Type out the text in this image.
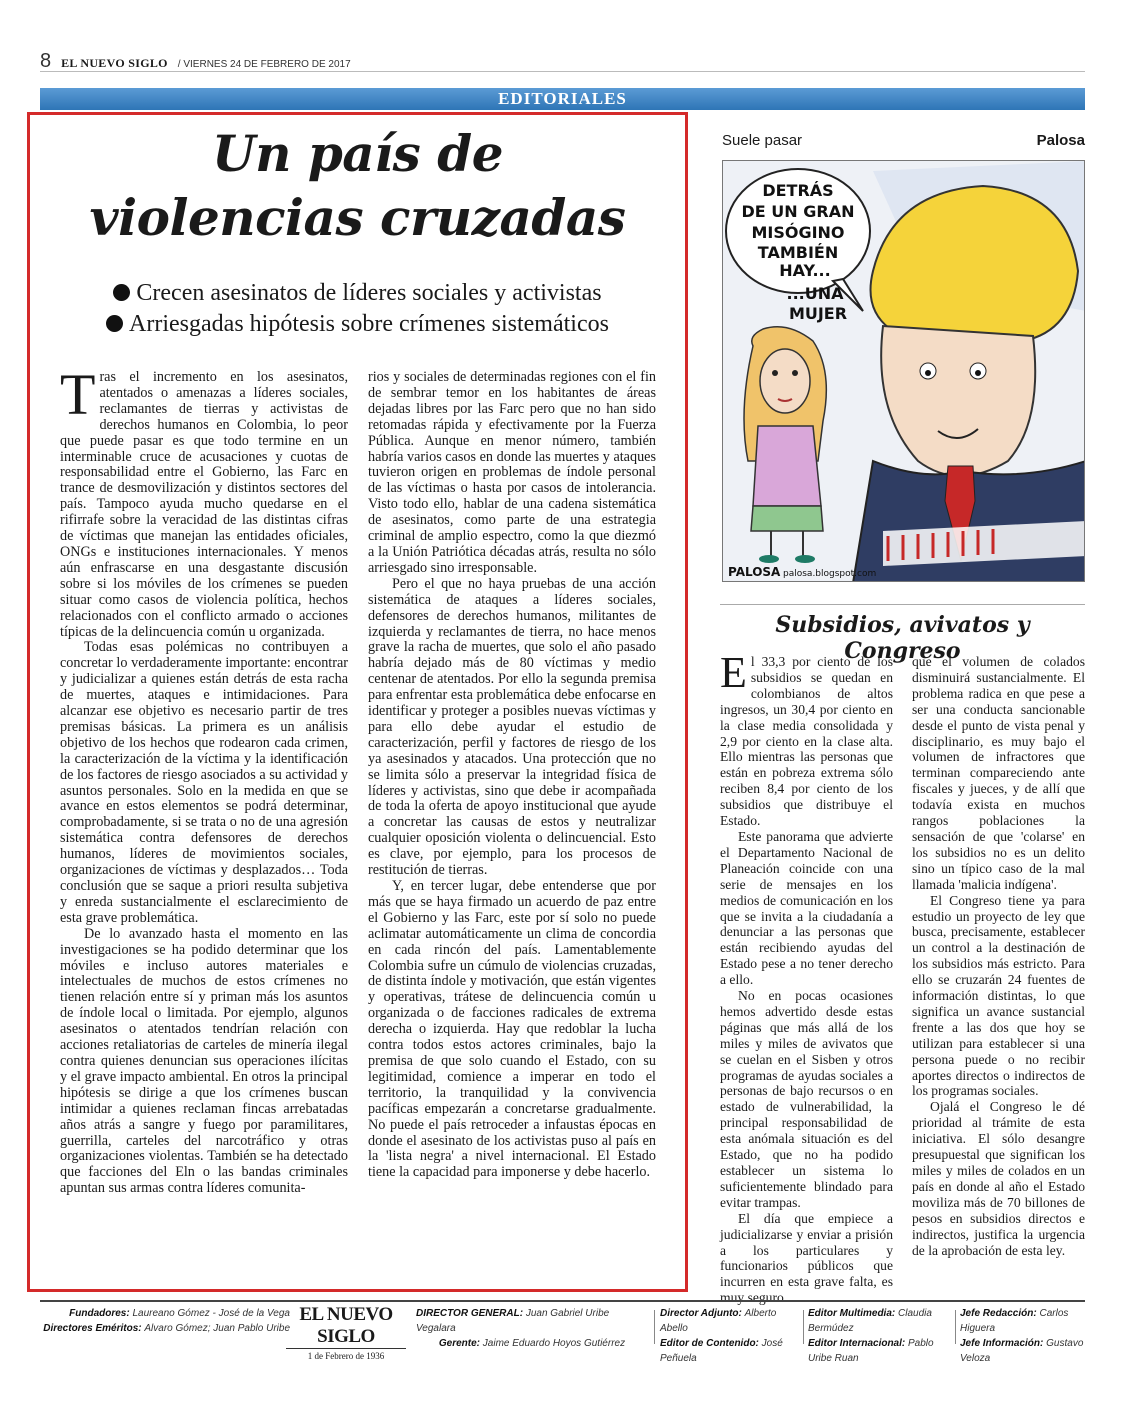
8 EL NUEVO SIGLO / VIERNES 24 DE FEBRERO DE 2017
EDITORIALES
Un país de
violencias cruzadas
Crecen asesinatos de líderes sociales y activistas
Arriesgadas hipótesis sobre crímenes sistemáticos

Tras el incremento en los asesinatos, atentados o amenazas a líderes sociales, reclamantes de tierras y activistas de derechos humanos en Colombia, lo peor que puede pasar es que todo termine en un interminable cruce de acusaciones y cuotas de responsabilidad entre el Gobierno, las Farc en trance de desmovilización y distintos sectores del país. Tampoco ayuda mucho quedarse en el rifirrafe sobre la veracidad de las distintas cifras de víctimas que manejan las entidades oficiales, ONGs e instituciones internacionales. Y menos aún enfrascarse en una desgastante discusión sobre si los móviles de los crímenes se pueden situar como casos de violencia política, hechos relacionados con el conflicto armado o acciones típicas de la delincuencia común u organizada.

Todas esas polémicas no contribuyen a concretar lo verdaderamente importante: encontrar y judicializar a quienes están detrás de esta racha de muertes, ataques e intimidaciones. Para alcanzar ese objetivo es necesario partir de tres premisas básicas. La primera es un análisis objetivo de los hechos que rodearon cada crimen, la caracterización de la víctima y la identificación de los factores de riesgo asociados a su actividad y asuntos personales. Solo en la medida en que se avance en estos elementos se podrá determinar, comprobadamente, si se trata o no de una agresión sistemática contra defensores de derechos humanos, líderes de movimientos sociales, organizaciones de víctimas y desplazados… Toda conclusión que se saque a priori resulta subjetiva y enreda sustancialmente el esclarecimiento de esta grave problemática.

De lo avanzado hasta el momento en las investigaciones se ha podido determinar que los móviles e incluso autores materiales e intelectuales de muchos de estos crímenes no tienen relación entre sí y priman más los asuntos de índole local o limitada. Por ejemplo, algunos asesinatos o atentados tendrían relación con acciones retaliatorias de carteles de minería ilegal contra quienes denuncian sus operaciones ilícitas y el grave impacto ambiental. En otros la principal hipótesis se dirige a que los crímenes buscan intimidar a quienes reclaman fincas arrebatadas años atrás a sangre y fuego por paramilitares, guerrilla, carteles del narcotráfico y otras organizaciones violentas. También se ha detectado que facciones del Eln o las bandas criminales apuntan sus armas contra líderes comunita-

rios y sociales de determinadas regiones con el fin de sembrar temor en los habitantes de áreas dejadas libres por las Farc pero que no han sido retomadas rápida y efectivamente por la Fuerza Pública. Aunque en menor número, también habría varios casos en donde las muertes y ataques tuvieron origen en problemas de índole personal de las víctimas o hasta por casos de intolerancia. Visto todo ello, hablar de una cadena sistemática de asesinatos, como parte de una estrategia criminal de amplio espectro, como la que diezmó a la Unión Patriótica décadas atrás, resulta no sólo arriesgado sino irresponsable.

Pero el que no haya pruebas de una acción sistemática de ataques a líderes sociales, defensores de derechos humanos, militantes de izquierda y reclamantes de tierra, no hace menos grave la racha de muertes, que solo el año pasado habría dejado más de 80 víctimas y medio centenar de atentados. Por ello la segunda premisa para enfrentar esta problemática debe enfocarse en identificar y proteger a posibles nuevas víctimas y para ello debe ayudar el estudio de caracterización, perfil y factores de riesgo de los ya asesinados y atacados. Una protección que no se limita sólo a preservar la integridad física de líderes y activistas, sino que debe ir acompañada de toda la oferta de apoyo institucional que ayude a concretar las causas de estos y neutralizar cualquier oposición violenta o delincuencial. Esto es clave, por ejemplo, para los procesos de restitución de tierras.

Y, en tercer lugar, debe entenderse que por más que se haya firmado un acuerdo de paz entre el Gobierno y las Farc, este por sí solo no puede aclimatar automáticamente un clima de concordia en cada rincón del país. Lamentablemente Colombia sufre un cúmulo de violencias cruzadas, de distinta índole y motivación, que están vigentes y operativas, trátese de delincuencia común u organizada o de facciones radicales de extrema derecha o izquierda. Hay que redoblar la lucha contra todos estos actores criminales, bajo la premisa de que solo cuando el Estado, con su legitimidad, comience a imperar en todo el territorio, la tranquilidad y la convivencia pacíficas empezarán a concretarse gradualmente. No puede el país retroceder a infaustas épocas en donde el asesinato de los activistas puso al país en la 'lista negra' a nivel internacional. El Estado tiene la capacidad para imponerse y debe hacerlo.

Suele pasar	Palosa
DETRÁS
DE UN GRAN
MISÓGINO
TAMBIÉN
HAY...
...UNA
MUJER
PALOSA palosa.blogspot.com
Subsidios, avivatos y Congreso

El 33,3 por ciento de los subsidios se quedan en colombianos de altos ingresos, un 30,4 por ciento en la clase media consolidada y 2,9 por ciento en la clase alta. Ello mientras las personas que están en pobreza extrema sólo reciben 8,4 por ciento de los subsidios que distribuye el Estado.

Este panorama que advierte el Departamento Nacional de Planeación coincide con una serie de mensajes en los medios de comunicación en los que se invita a la ciudadanía a denunciar a las personas que están recibiendo ayudas del Estado pese a no tener derecho a ello.

No en pocas ocasiones hemos advertido desde estas páginas que más allá de los miles y miles de avivatos que se cuelan en el Sisben y otros programas de ayudas sociales a personas de bajo recursos o en estado de vulnerabilidad, la principal responsabilidad de esta anómala situación es del Estado, que no ha podido establecer un sistema lo suficientemente blindado para evitar trampas.

El día que empiece a judicializarse y enviar a prisión a los particulares y funcionarios públicos que incurren en esta grave falta, es muy seguro

que el volumen de colados disminuirá sustancialmente. El problema radica en que pese a ser una conducta sancionable desde el punto de vista penal y disciplinario, es muy bajo el volumen de infractores que terminan compareciendo ante fiscales y jueces, y de allí que todavía exista en muchos rangos poblaciones la sensación de que 'colarse' en los subsidios no es un delito sino un típico caso de la mal llamada 'malicia indígena'.

El Congreso tiene ya para estudio un proyecto de ley que busca, precisamente, establecer un control a la destinación de los subsidios más estricto. Para ello se cruzarán 24 fuentes de información distintas, lo que significa un avance sustancial frente a las dos que hoy se utilizan para establecer si una persona puede o no recibir aportes directos o indirectos de los programas sociales.

Ojalá el Congreso le dé prioridad al trámite de esta iniciativa. El sólo desangre presupuestal que significan los miles y miles de colados en un país en donde al año el Estado moviliza más de 70 billones de pesos en subsidios directos e indirectos, justifica la urgencia de la aprobación de esta ley.

Fundadores: Laureano Gómez - José de la Vega
Directores Eméritos: Alvaro Gómez; Juan Pablo Uribe
EL NUEVO SIGLO
1 de Febrero de 1936
DIRECTOR GENERAL: Juan Gabriel Uribe Vegalara
Gerente: Jaime Eduardo Hoyos Gutiérrez
Director Adjunto: Alberto Abello
Editor de Contenido: José Peñuela
Editor Multimedia: Claudia Bermúdez
Editor Internacional: Pablo Uribe Ruan
Jefe Redacción: Carlos Higuera
Jefe Información: Gustavo Veloza
